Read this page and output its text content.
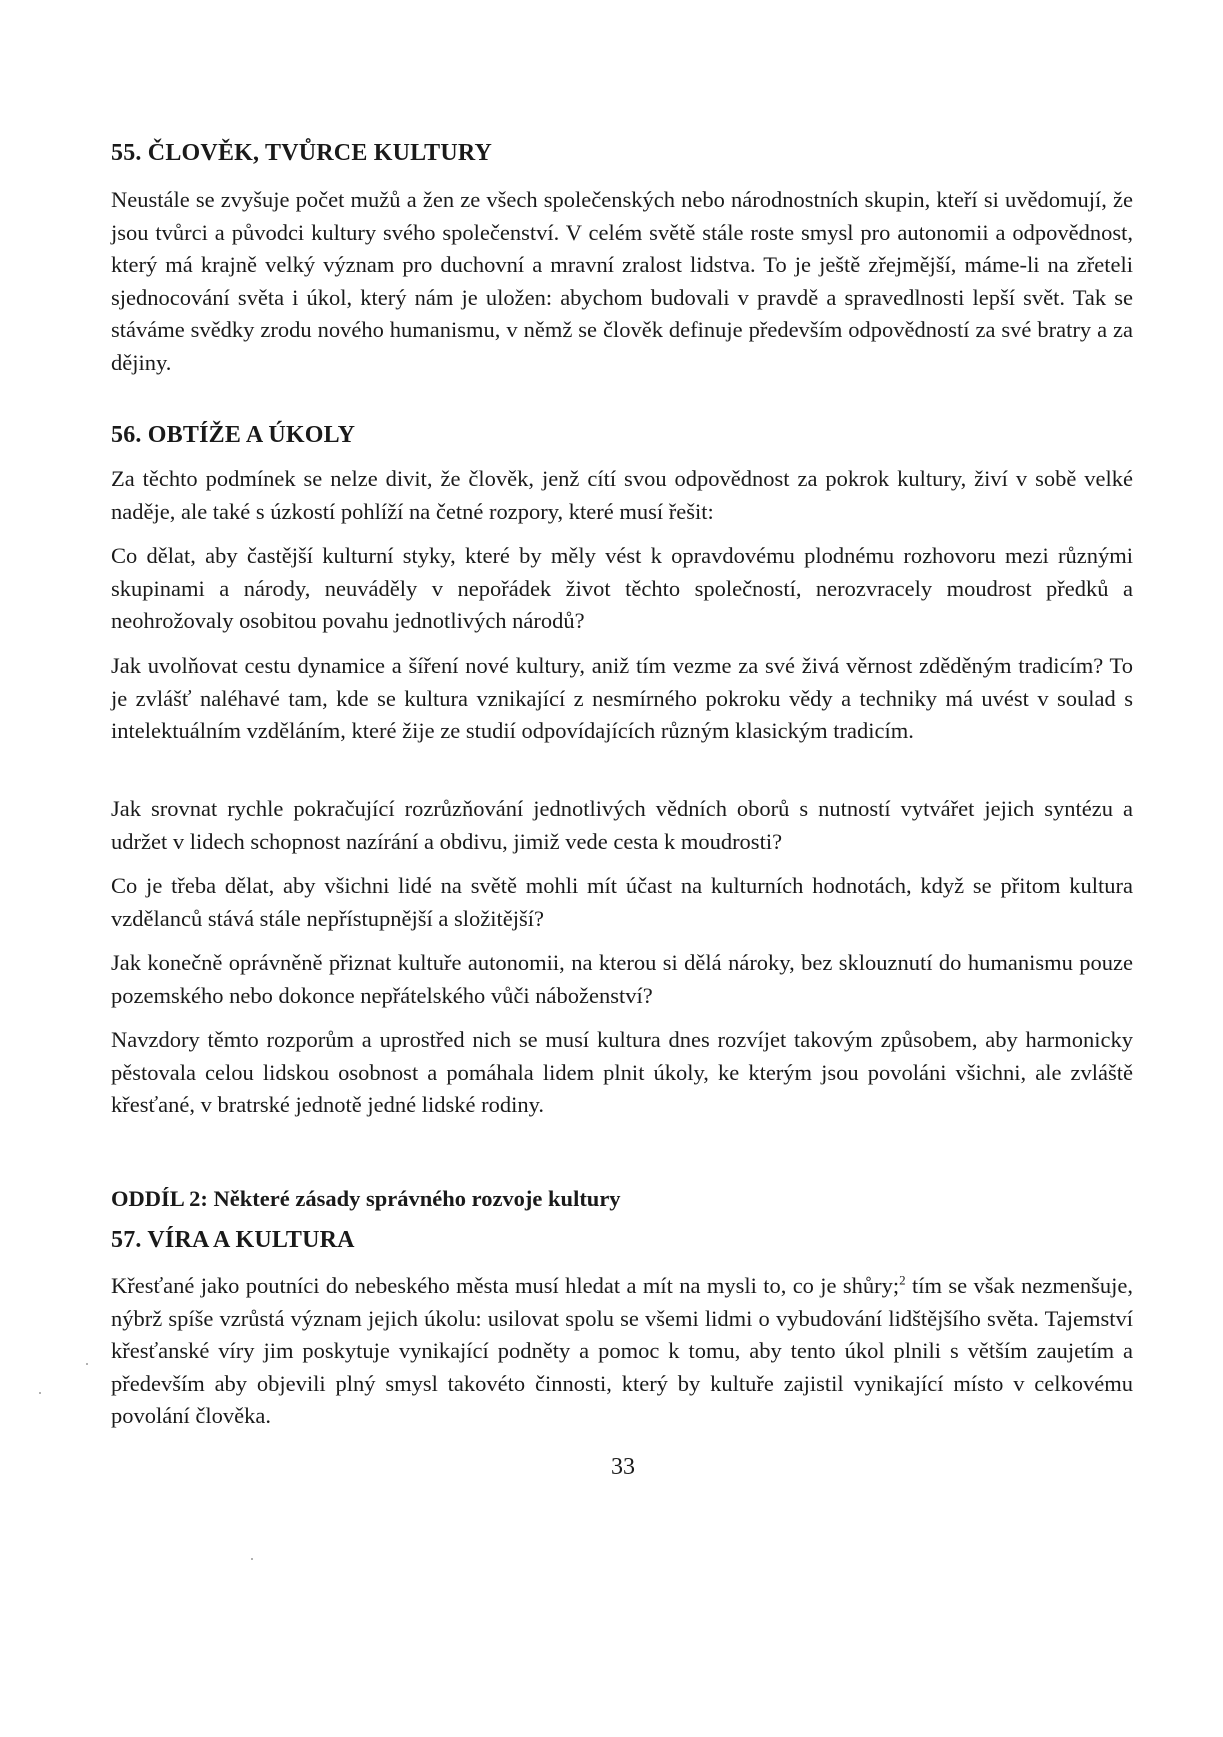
55. ČLOVĚK, TVŮRCE KULTURY

Neustále se zvyšuje počet mužů a žen ze všech společenských nebo národnostních skupin, kteří si uvědomují, že jsou tvůrci a původci kultury svého společenství. V celém světě stále roste smysl pro autonomii a odpovědnost, který má krajně velký význam pro duchovní a mravní zralost lidstva. To je ještě zřejmější, máme-li na zřeteli sjednocování světa i úkol, který nám je uložen: abychom budovali v pravdě a spravedlnosti lepší svět. Tak se stáváme svědky zrodu nového humanismu, v němž se člověk definuje především odpovědností za své bratry a za dějiny.

56. OBTÍŽE A ÚKOLY

Za těchto podmínek se nelze divit, že člověk, jenž cítí svou odpovědnost za pokrok kultury, živí v sobě velké naděje, ale také s úzkostí pohlíží na četné rozpory, které musí řešit:

Co dělat, aby častější kulturní styky, které by měly vést k opravdovému plodnému rozhovoru mezi různými skupinami a národy, neuváděly v nepořádek život těchto společností, nerozvracely moudrost předků a neohrožovaly osobitou povahu jednotlivých národů?

Jak uvolňovat cestu dynamice a šíření nové kultury, aniž tím vezme za své živá věrnost zděděným tradicím? To je zvlášť naléhavé tam, kde se kultura vznikající z nesmírného pokroku vědy a techniky má uvést v soulad s intelektuálním vzděláním, které žije ze studií odpovídajících různým klasickým tradicím.

Jak srovnat rychle pokračující rozrůzňování jednotlivých vědních oborů s nutností vytvářet jejich syntézu a udržet v lidech schopnost nazírání a obdivu, jimiž vede cesta k moudrosti?

Co je třeba dělat, aby všichni lidé na světě mohli mít účast na kulturních hodnotách, když se přitom kultura vzdělanců stává stále nepřístupnější a složitější?

Jak konečně oprávněně přiznat kultuře autonomii, na kterou si dělá nároky, bez sklouznutí do humanismu pouze pozemského nebo dokonce nepřátelského vůči náboženství?

Navzdory těmto rozporům a uprostřed nich se musí kultura dnes rozvíjet takovým způsobem, aby harmonicky pěstovala celou lidskou osobnost a pomáhala lidem plnit úkoly, ke kterým jsou povoláni všichni, ale zvláště křesťané, v bratrské jednotě jedné lidské rodiny.

ODDÍL 2: Některé zásady správného rozvoje kultury
57. VÍRA A KULTURA

Křesťané jako poutníci do nebeského města musí hledat a mít na mysli to, co je shůry;$^2$ tím se však nezmenšuje, nýbrž spíše vzrůstá význam jejich úkolu: usilovat spolu se všemi lidmi o vybudování lidštějšího světa. Tajemství křesťanské víry jim poskytuje vynikající podněty a pomoc k tomu, aby tento úkol plnili s větším zaujetím a především aby objevili plný smysl takovéto činnosti, který by kultuře zajistil vynikající místo v celkovému povolání člověka.

33
